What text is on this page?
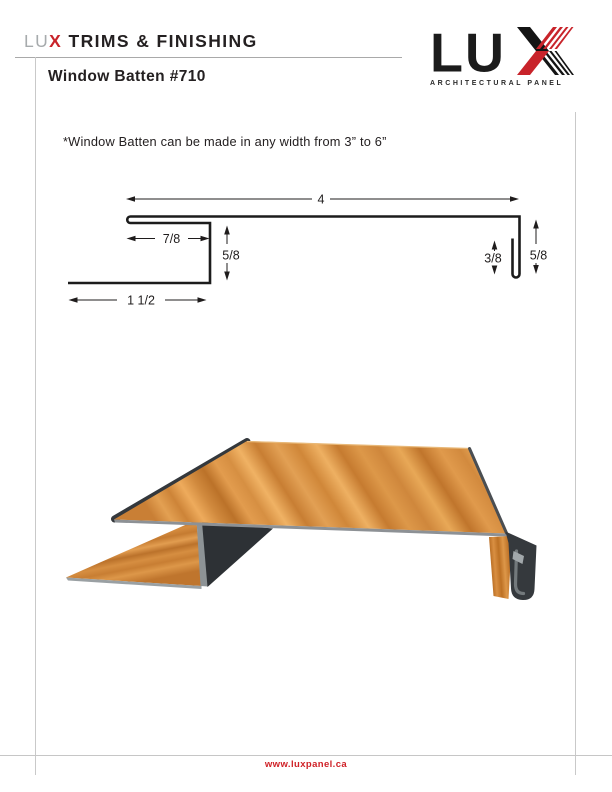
LUX TRIMS & FINISHING	LU
ARCHITECTURAL PANEL
Window Batten #710
*Window Batten can be made in any width from 3” to 6”
4
7/8
5/8	3/8 5/8
1 1/2
www.luxpanel.ca
